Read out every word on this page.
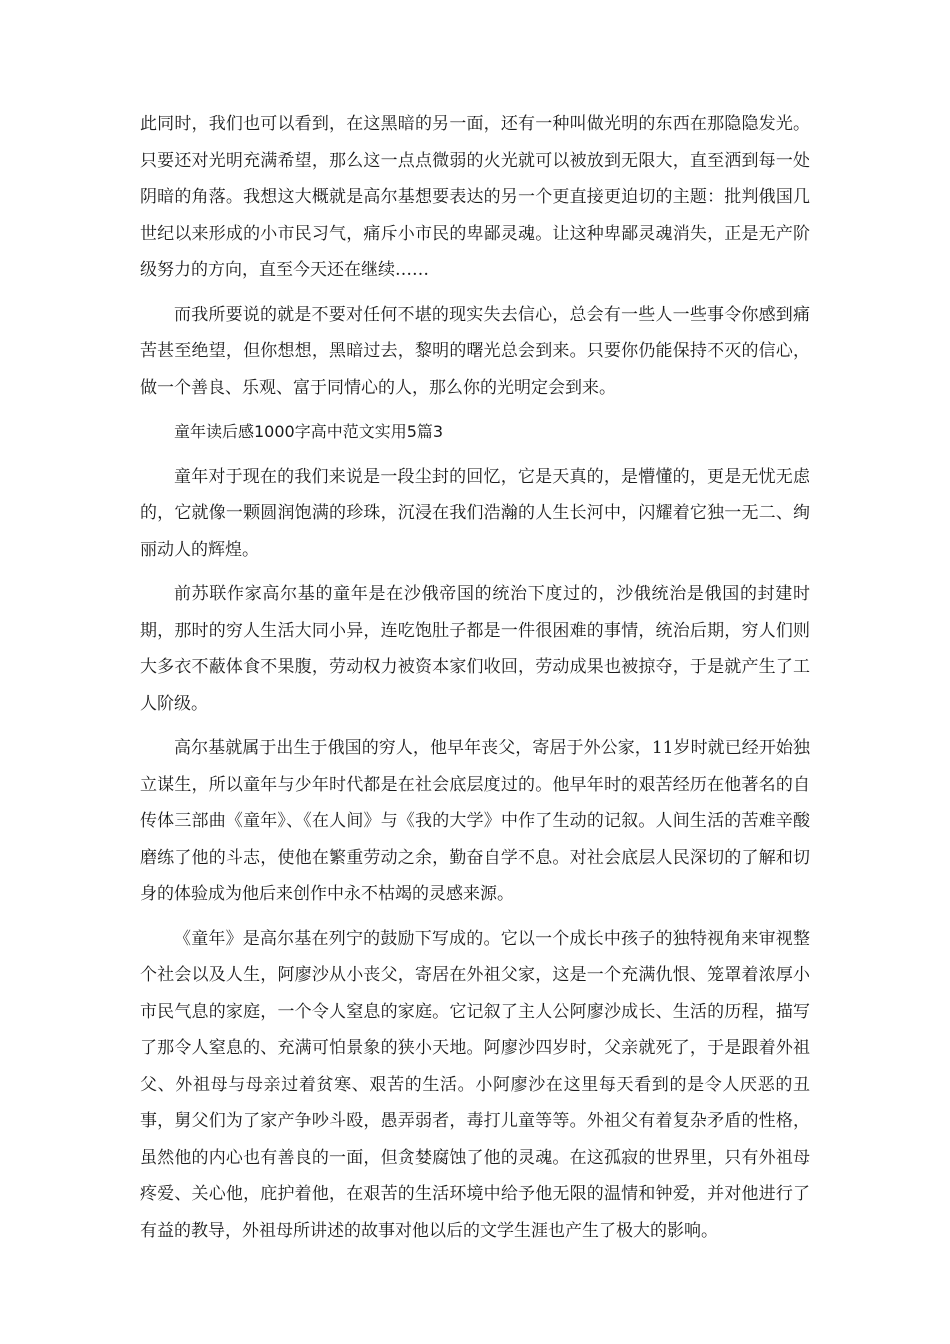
此同时，我们也可以看到，在这黑暗的另一面，还有一种叫做光明的东西在那隐隐发光。只要还对光明充满希望，那么这一点点微弱的火光就可以被放到无限大，直至洒到每一处阴暗的角落。我想这大概就是高尔基想要表达的另一个更直接更迫切的主题：批判俄国几世纪以来形成的小市民习气，痛斥小市民的卑鄙灵魂。让这种卑鄙灵魂消失，正是无产阶级努力的方向，直至今天还在继续……

而我所要说的就是不要对任何不堪的现实失去信心，总会有一些人一些事令你感到痛苦甚至绝望，但你想想，黑暗过去，黎明的曙光总会到来。只要你仍能保持不灭的信心，做一个善良、乐观、富于同情心的人，那么你的光明定会到来。

童年读后感1000字高中范文实用5篇3

童年对于现在的我们来说是一段尘封的回忆，它是天真的，是懵懂的，更是无忧无虑的，它就像一颗圆润饱满的珍珠，沉浸在我们浩瀚的人生长河中，闪耀着它独一无二、绚丽动人的辉煌。

前苏联作家高尔基的童年是在沙俄帝国的统治下度过的，沙俄统治是俄国的封建时期，那时的穷人生活大同小异，连吃饱肚子都是一件很困难的事情，统治后期，穷人们则大多衣不蔽体食不果腹，劳动权力被资本家们收回，劳动成果也被掠夺，于是就产生了工人阶级。

高尔基就属于出生于俄国的穷人，他早年丧父，寄居于外公家，11岁时就已经开始独立谋生，所以童年与少年时代都是在社会底层度过的。他早年时的艰苦经历在他著名的自传体三部曲《童年》、《在人间》与《我的大学》中作了生动的记叙。人间生活的苦难辛酸磨练了他的斗志，使他在繁重劳动之余，勤奋自学不息。对社会底层人民深切的了解和切身的体验成为他后来创作中永不枯竭的灵感来源。

《童年》是高尔基在列宁的鼓励下写成的。它以一个成长中孩子的独特视角来审视整个社会以及人生，阿廖沙从小丧父，寄居在外祖父家，这是一个充满仇恨、笼罩着浓厚小市民气息的家庭，一个令人窒息的家庭。它记叙了主人公阿廖沙成长、生活的历程，描写了那令人窒息的、充满可怕景象的狭小天地。阿廖沙四岁时，父亲就死了，于是跟着外祖父、外祖母与母亲过着贫寒、艰苦的生活。小阿廖沙在这里每天看到的是令人厌恶的丑事，舅父们为了家产争吵斗殴，愚弄弱者，毒打儿童等等。外祖父有着复杂矛盾的性格，虽然他的内心也有善良的一面，但贪婪腐蚀了他的灵魂。在这孤寂的世界里，只有外祖母疼爱、关心他，庇护着他，在艰苦的生活环境中给予他无限的温情和钟爱，并对他进行了有益的教导，外祖母所讲述的故事对他以后的文学生涯也产生了极大的影响。
